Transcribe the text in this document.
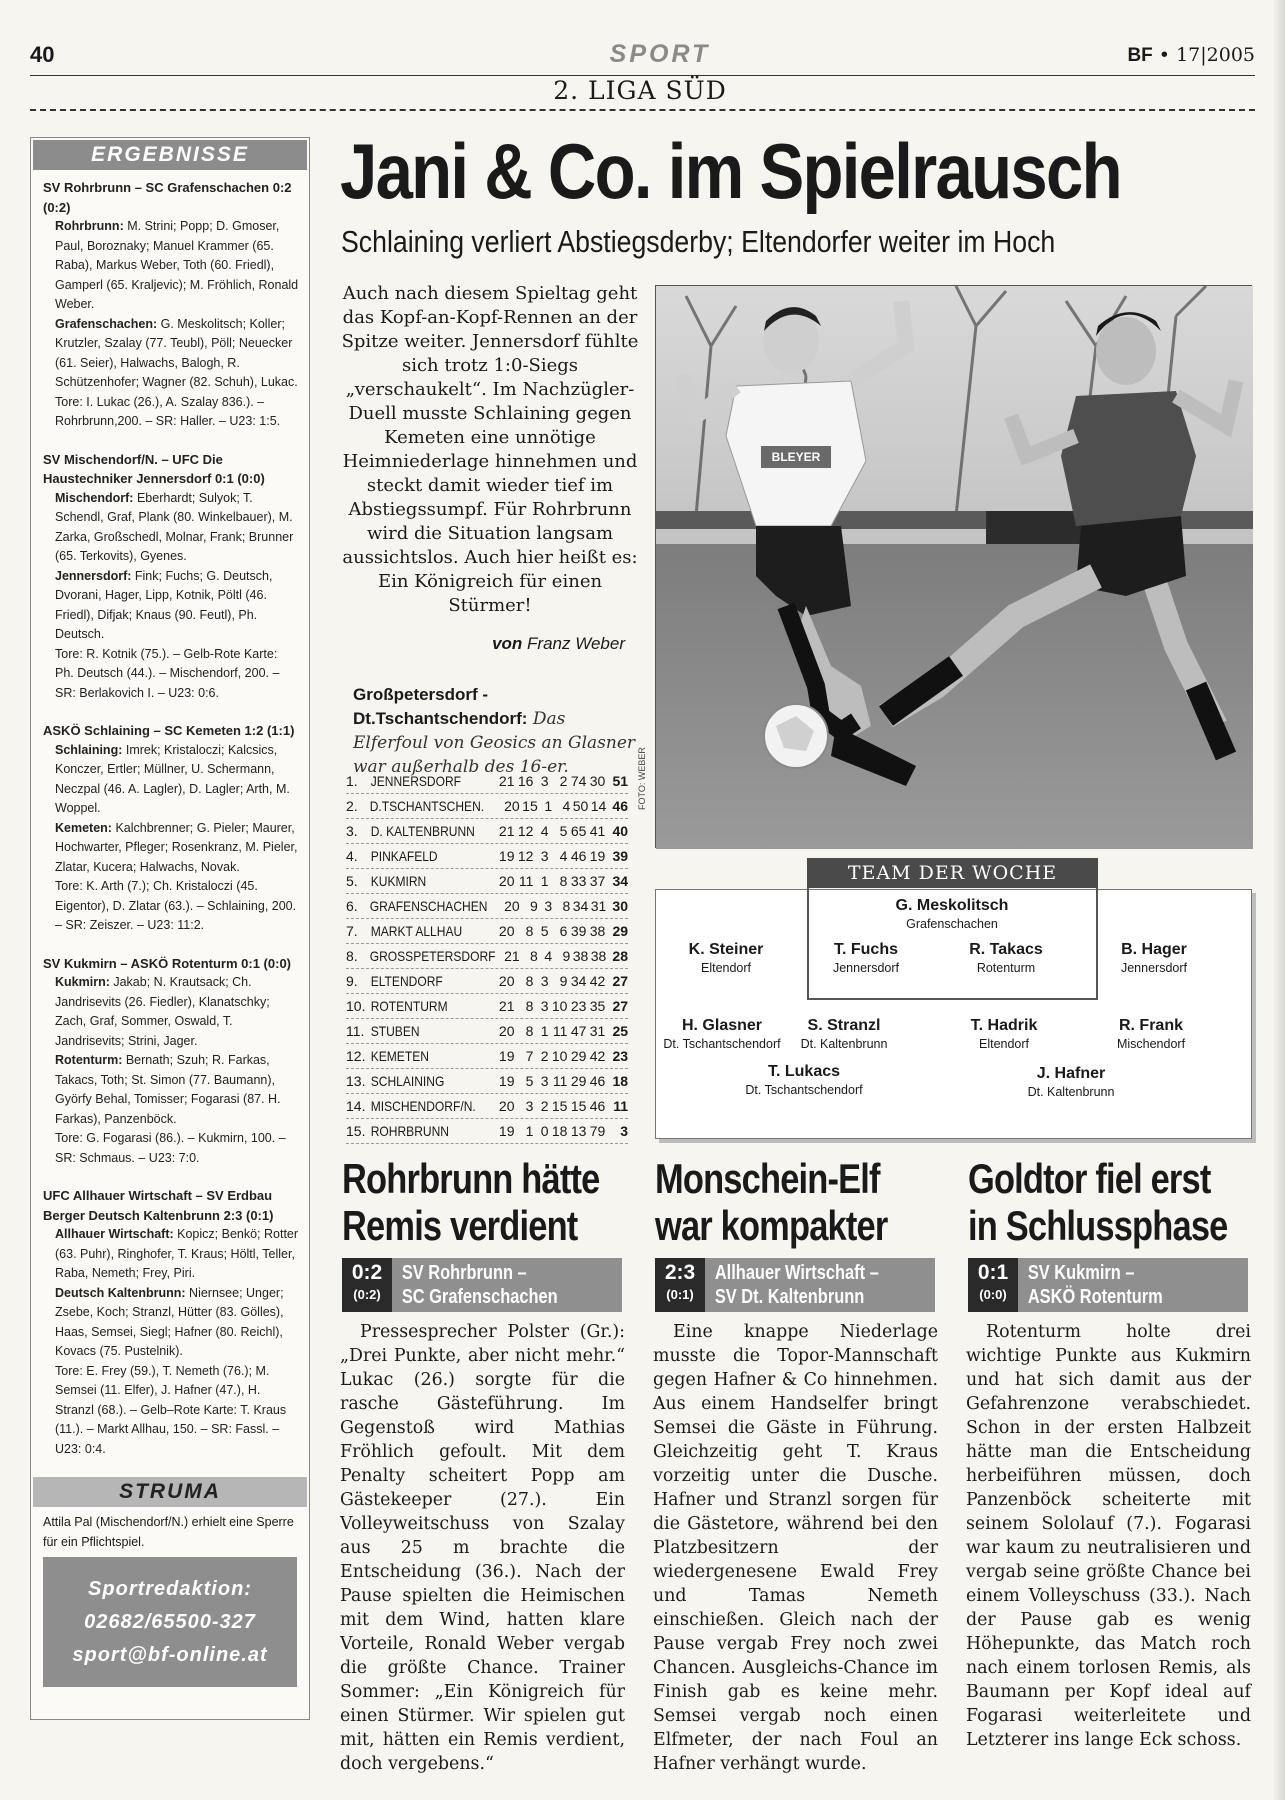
40	SPORT	BF • 17|2005
2. LIGA SÜD
ERGEBNISSE
SV Rohrbrunn – SC Grafenschachen 0:2 (0:2)

Rohrbrunn: M. Strini; Popp; D. Gmoser, Paul, Boroznaky; Manuel Krammer (65. Raba), Markus Weber, Toth (60. Friedl), Gamperl (65. Kraljevic); M. Fröhlich, Ronald Weber.

Grafenschachen: G. Meskolitsch; Koller; Krutzler, Szalay (77. Teubl), Pöll; Neuecker (61. Seier), Halwachs, Balogh, R. Schützenhofer; Wagner (82. Schuh), Lukac.

Tore: I. Lukac (26.), A. Szalay 836.). – Rohrbrunn,200. – SR: Haller. – U23: 1:5.

SV Mischendorf/N. – UFC Die Haustechniker Jennersdorf 0:1 (0:0)

Mischendorf: Eberhardt; Sulyok; T. Schendl, Graf, Plank (80. Winkelbauer), M. Zarka, Großschedl, Molnar, Frank; Brunner (65. Terkovits), Gyenes.

Jennersdorf: Fink; Fuchs; G. Deutsch, Dvorani, Hager, Lipp, Kotnik, Pöltl (46. Friedl), Difjak; Knaus (90. Feutl), Ph. Deutsch.

Tore: R. Kotnik (75.). – Gelb-Rote Karte: Ph. Deutsch (44.). – Mischendorf, 200. – SR: Berlakovich I. – U23: 0:6.

ASKÖ Schlaining – SC Kemeten 1:2 (1:1)

Schlaining: Imrek; Kristaloczi; Kalcsics, Konczer, Ertler; Müllner, U. Schermann, Neczpal (46. A. Lagler), D. Lagler; Arth, M. Woppel.

Kemeten: Kalchbrenner; G. Pieler; Maurer, Hochwarter, Pfleger; Rosenkranz, M. Pieler, Zlatar, Kucera; Halwachs, Novak.

Tore: K. Arth (7.); Ch. Kristaloczi (45. Eigentor), D. Zlatar (63.). – Schlaining, 200. – SR: Zeiszer. – U23: 11:2.

SV Kukmirn – ASKÖ Rotenturm 0:1 (0:0)

Kukmirn: Jakab; N. Krautsack; Ch. Jandrisevits (26. Fiedler), Klanatschky; Zach, Graf, Sommer, Oswald, T. Jandrisevits; Strini, Jager.

Rotenturm: Bernath; Szuh; R. Farkas, Takacs, Toth; St. Simon (77. Baumann), Györfy Behal, Tomisser; Fogarasi (87. H. Farkas), Panzenböck.

Tore: G. Fogarasi (86.). – Kukmirn, 100. – SR: Schmaus. – U23: 7:0.

UFC Allhauer Wirtschaft – SV Erdbau Berger Deutsch Kaltenbrunn 2:3 (0:1)

Allhauer Wirtschaft: Kopicz; Benkö; Rotter (63. Puhr), Ringhofer, T. Kraus; Höltl, Teller, Raba, Nemeth; Frey, Piri.

Deutsch Kaltenbrunn: Niernsee; Unger; Zsebe, Koch; Stranzl, Hütter (83. Gölles), Haas, Semsei, Siegl; Hafner (80. Reichl), Kovacs (75. Pustelnik).

Tore: E. Frey (59.), T. Nemeth (76.); M. Semsei (11. Elfer), J. Hafner (47.), H. Stranzl (68.). – Gelb–Rote Karte: T. Kraus (11.). – Markt Allhau, 150. – SR: Fassl. – U23: 0:4.

STRUMA
Attila Pal (Mischendorf/N.) erhielt eine Sperre für ein Pflichtspiel.
Sportredaktion:
02682/65500-327
sport@bf-online.at
Jani & Co. im Spielrausch
Schlaining verliert Abstiegsderby; Eltendorfer weiter im Hoch
Auch nach diesem Spieltag geht das Kopf-an-Kopf-Rennen an der Spitze weiter. Jennersdorf fühlte sich trotz 1:0-Siegs „verschaukelt“. Im Nachzügler-Duell musste Schlaining gegen Kemeten eine unnötige Heimniederlage hinnehmen und steckt damit wieder tief im Abstiegssumpf. Für Rohrbrunn wird die Situation langsam aussichtslos. Auch hier heißt es: Ein Königreich für einen Stürmer!
von Franz Weber
Großpetersdorf - Dt.Tschantschendorf: Das Elferfoul von Geosics an Glasner war außerhalb des 16-er.
1. JENNERSDORF	21 16 3 2 74 30 51
2. D.TSCHANTSCHEN. 20 15 1 4 50 14 46
3. D. KALTENBRUNN 21 12 4 5 65 41 40
4. PINKAFELD	19 12 3 4 46 19 39
5. KUKMIRN	20 11 1 8 33 37 34
6. GRAFENSCHACHEN 20 9 3 8 34 31 30
7. MARKT ALLHAU	20 8 5 6 39 38 29
8. GROSSPETERSDORF 21 8 4 9 38 38 28
9. ELTENDORF	20 8 3 9 34 42 27
10. ROTENTURM	21 8 3 10 23 35 27
11. STUBEN	20 8 1 11 47 31 25
12. KEMETEN	19 7 2 10 29 42 23
13. SCHLAINING	19 5 3 11 29 46 18
14. MISCHENDORF/N. 20 3 2 15 15 46 11
15. ROHRBRUNN	19 1 0 18 13 79	3
FOTO: WEBER
BLEYER
TEAM DER WOCHE
G. Meskolitsch
Grafenschachen
K. Steiner
Eltendorf
T. Fuchs
Jennersdorf
R. Takacs
Rotenturm
B. Hager
Jennersdorf
H. Glasner
Dt. Tschantschendorf
S. Stranzl
Dt. Kaltenbrunn
T. Hadrik
Eltendorf
R. Frank
Mischendorf
T. Lukacs
Dt. Tschantschendorf
J. Hafner
Dt. Kaltenbrunn
Rohrbrunn hätte
Remis verdient
0:2
(0:2)
SV Rohrbrunn –
SC Grafenschachen
Pressesprecher Polster (Gr.): „Drei Punkte, aber nicht mehr.“ Lukac (26.) sorgte für die rasche Gästeführung. Im Gegenstoß wird Mathias Fröhlich gefoult. Mit dem Penalty scheitert Popp am Gästekeeper (27.). Ein Volleyweitschuss von Szalay aus 25 m brachte die Entscheidung (36.). Nach der Pause spielten die Heimischen mit dem Wind, hatten klare Vorteile, Ronald Weber vergab die größte Chance. Trainer Sommer: „Ein Königreich für einen Stürmer. Wir spielen gut mit, hätten ein Remis verdient, doch vergebens.“
Monschein-Elf
war kompakter
2:3
(0:1)
Allhauer Wirtschaft –
SV Dt. Kaltenbrunn
Eine knappe Niederlage musste die Topor-Mannschaft gegen Hafner & Co hinnehmen. Aus einem Handselfer bringt Semsei die Gäste in Führung. Gleichzeitig geht T. Kraus vorzeitig unter die Dusche. Hafner und Stranzl sorgen für die Gästetore, während bei den Platzbesitzern der wiedergenesene Ewald Frey und Tamas Nemeth einschießen. Gleich nach der Pause vergab Frey noch zwei Chancen. Ausgleichs-Chance im Finish gab es keine mehr. Semsei vergab noch einen Elfmeter, der nach Foul an Hafner verhängt wurde.
Goldtor fiel erst
in Schlussphase
0:1
(0:0)
SV Kukmirn –
ASKÖ Rotenturm
Rotenturm holte drei wichtige Punkte aus Kukmirn und hat sich damit aus der Gefahrenzone verabschiedet. Schon in der ersten Halbzeit hätte man die Entscheidung herbeiführen müssen, doch Panzenböck scheiterte mit seinem Sololauf (7.). Fogarasi war kaum zu neutralisieren und vergab seine größte Chance bei einem Volleyschuss (33.). Nach der Pause gab es wenig Höhepunkte, das Match roch nach einem torlosen Remis, als Baumann per Kopf ideal auf Fogarasi weiterleitete und Letzterer ins lange Eck schoss.
